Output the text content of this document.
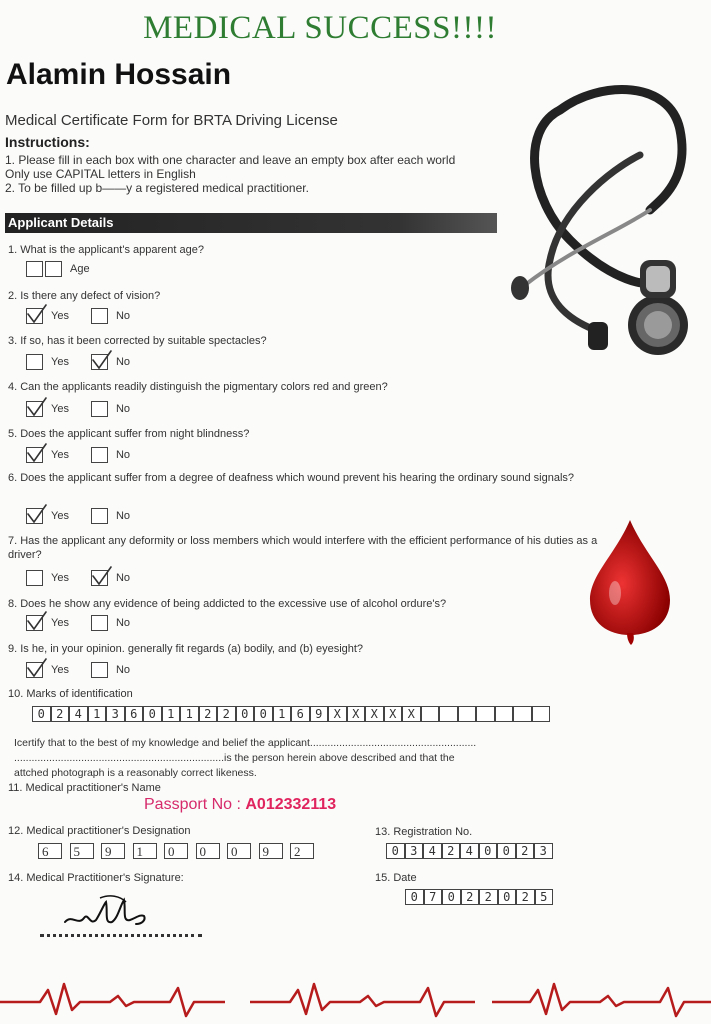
MEDICAL SUCCESS!!!!
Alamin Hossain
Medical Certificate Form for BRTA Driving License
Instructions:
1. Please fill in each box with one character and leave an empty box after each world
Only use CAPITAL letters in English
2. To be filled up b——y a registered medical practitioner.
Applicant Details
1. What is the applicant's apparent age?
Age
2. Is there any defect of vision?
Yes	No
3. If so, has it been corrected by suitable spectacles?
Yes	No
4. Can the applicants readily distinguish the pigmentary colors red and green?
Yes	No
5. Does the applicant suffer from night blindness?
Yes	No
6. Does the applicant suffer from a degree of deafness which wound prevent his hearing the ordinary sound signals?
Yes	No
7. Has the applicant any deformity or loss members which would interfere with the efficient performance of his duties as a driver?
Yes	No
8. Does he show any evidence of being addicted to the excessive use of alcohol ordure's?
Yes	No
9. Is he, in your opinion. generally fit regards (a) bodily, and (b) eyesight?
Yes	No
10. Marks of identification
0 2 4 1 3 6 0 1 1 2 2 0 0 1 6 9 X X X X X
Icertify that to the best of my knowledge and belief the applicant.........................................................
........................................................................is the person herein above described and that the
attched photograph is a reasonably correct likeness.
11. Medical practitioner's Name
Passport No : A012332113
12. Medical practitioner's Designation
6	5	9	1	0	0	0	9	2
13. Registration No.
0 3 4 2 4 0 0 2 3
14. Medical Practitioner's Signature:	15. Date
0 7 0 2 2 0 2 5
